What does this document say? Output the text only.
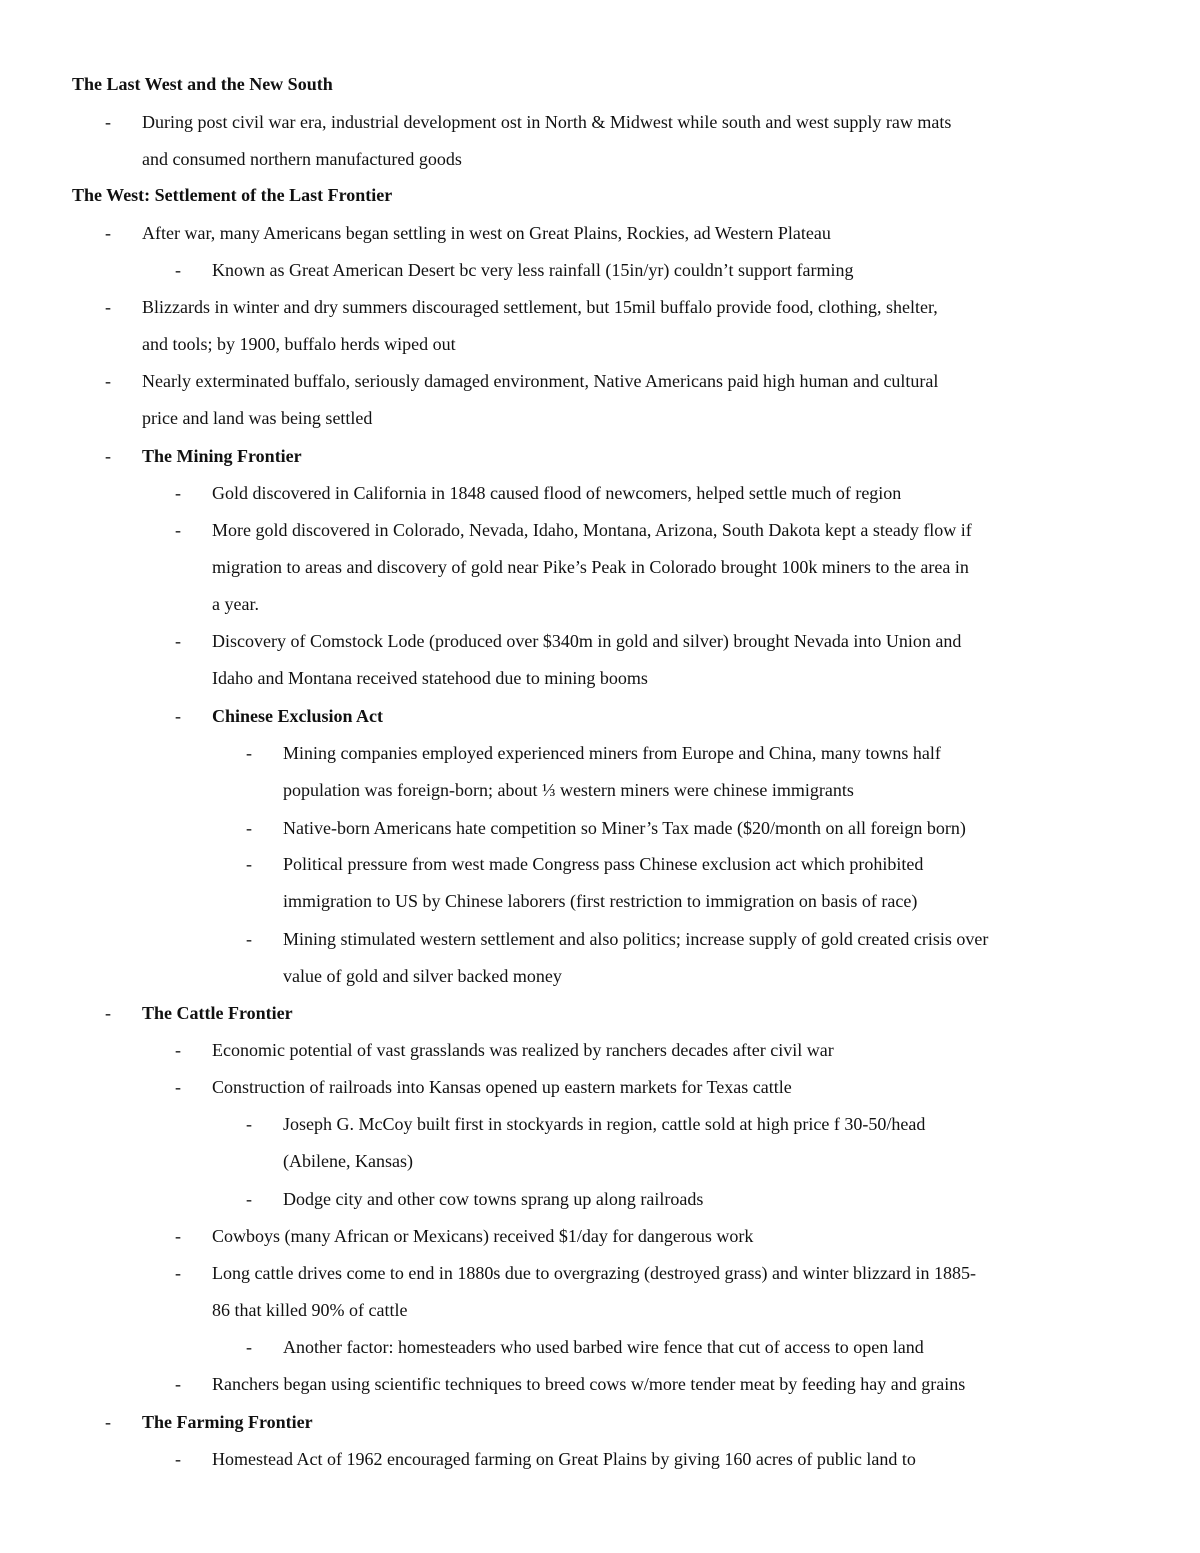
The Last West and the New South
- During post civil war era, industrial development ost in North & Midwest while south and west supply raw mats
and consumed northern manufactured goods
The West: Settlement of the Last Frontier
- After war, many Americans began settling in west on Great Plains, Rockies, ad Western Plateau
- Known as Great American Desert bc very less rainfall (15in/yr) couldn’t support farming
- Blizzards in winter and dry summers discouraged settlement, but 15mil buffalo provide food, clothing, shelter,
and tools; by 1900, buffalo herds wiped out
- Nearly exterminated buffalo, seriously damaged environment, Native Americans paid high human and cultural
price and land was being settled
- The Mining Frontier
- Gold discovered in California in 1848 caused flood of newcomers, helped settle much of region
- More gold discovered in Colorado, Nevada, Idaho, Montana, Arizona, South Dakota kept a steady flow if
migration to areas and discovery of gold near Pike’s Peak in Colorado brought 100k miners to the area in
a year.
- Discovery of Comstock Lode (produced over $340m in gold and silver) brought Nevada into Union and
Idaho and Montana received statehood due to mining booms
- Chinese Exclusion Act
- Mining companies employed experienced miners from Europe and China, many towns half
population was foreign-born; about ⅓ western miners were chinese immigrants
- Native-born Americans hate competition so Miner’s Tax made ($20/month on all foreign born)
- Political pressure from west made Congress pass Chinese exclusion act which prohibited
immigration to US by Chinese laborers (first restriction to immigration on basis of race)
- Mining stimulated western settlement and also politics; increase supply of gold created crisis over
value of gold and silver backed money
- The Cattle Frontier
- Economic potential of vast grasslands was realized by ranchers decades after civil war
- Construction of railroads into Kansas opened up eastern markets for Texas cattle
- Joseph G. McCoy built first in stockyards in region, cattle sold at high price f 30-50/head
(Abilene, Kansas)
- Dodge city and other cow towns sprang up along railroads
- Cowboys (many African or Mexicans) received $1/day for dangerous work
- Long cattle drives come to end in 1880s due to overgrazing (destroyed grass) and winter blizzard in 1885-
86 that killed 90% of cattle
- Another factor: homesteaders who used barbed wire fence that cut of access to open land
- Ranchers began using scientific techniques to breed cows w/more tender meat by feeding hay and grains
- The Farming Frontier
- Homestead Act of 1962 encouraged farming on Great Plains by giving 160 acres of public land to
